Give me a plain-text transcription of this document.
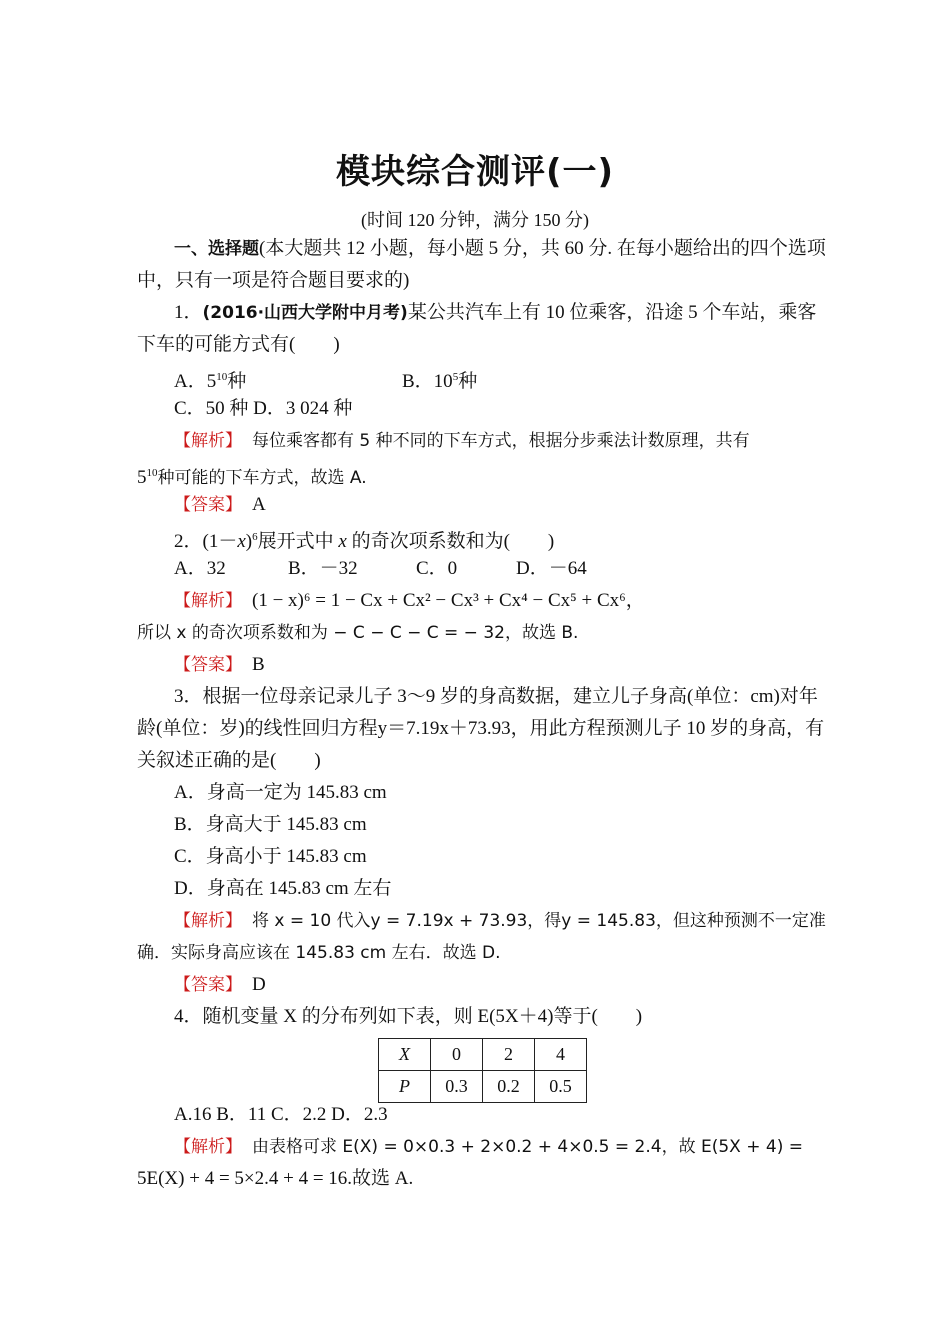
模块综合测评(一)
(时间 120 分钟，满分 150 分)
一、选择题(本大题共 12 小题，每小题 5 分，共 60 分. 在每小题给出的四个选项
中，只有一项是符合题目要求的)
1．(2016·山西大学附中月考)某公共汽车上有 10 位乘客，沿途 5 个车站，乘客
下车的可能方式有(　　)
A．$5^{10}$种	B．$10^5$种
C．50 种 D．3 024 种
【解析】 每位乘客都有 5 种不同的下车方式，根据分步乘法计数原理，共有
$5^{10}$种可能的下车方式，故选 A.
【答案】 A
2．$(1-x)^6$展开式中 x 的奇次项系数和为(　　)
A．32	B．－32	C．0	D．－64
【解析】 (1 − x)⁶ = 1 − Cx + Cx² − Cx³ + Cx⁴ − Cx⁵ + Cx⁶，
所以 x 的奇次项系数和为 − C − C − C = − 32，故选 B.
【答案】 B
3．根据一位母亲记录儿子 3～9 岁的身高数据，建立儿子身高(单位：cm)对年
龄(单位：岁)的线性回归方程y＝7.19x＋73.93，用此方程预测儿子 10 岁的身高，有
关叙述正确的是(　　)
A．身高一定为 145.83 cm
B．身高大于 145.83 cm
C．身高小于 145.83 cm
D．身高在 145.83 cm 左右
【解析】 将 x = 10 代入y = 7.19x + 73.93，得y = 145.83，但这种预测不一定准
确．实际身高应该在 145.83 cm 左右．故选 D.
【答案】 D
4．随机变量 X 的分布列如下表，则 E(5X＋4)等于(　　)
X	0	2	4
P	0.3	0.2	0.5
A.16 B．11 C．2.2 D．2.3
【解析】 由表格可求 E(X) = 0×0.3 + 2×0.2 + 4×0.5 = 2.4，故 E(5X + 4) =
5E(X) + 4 = 5×2.4 + 4 = 16.故选 A.
